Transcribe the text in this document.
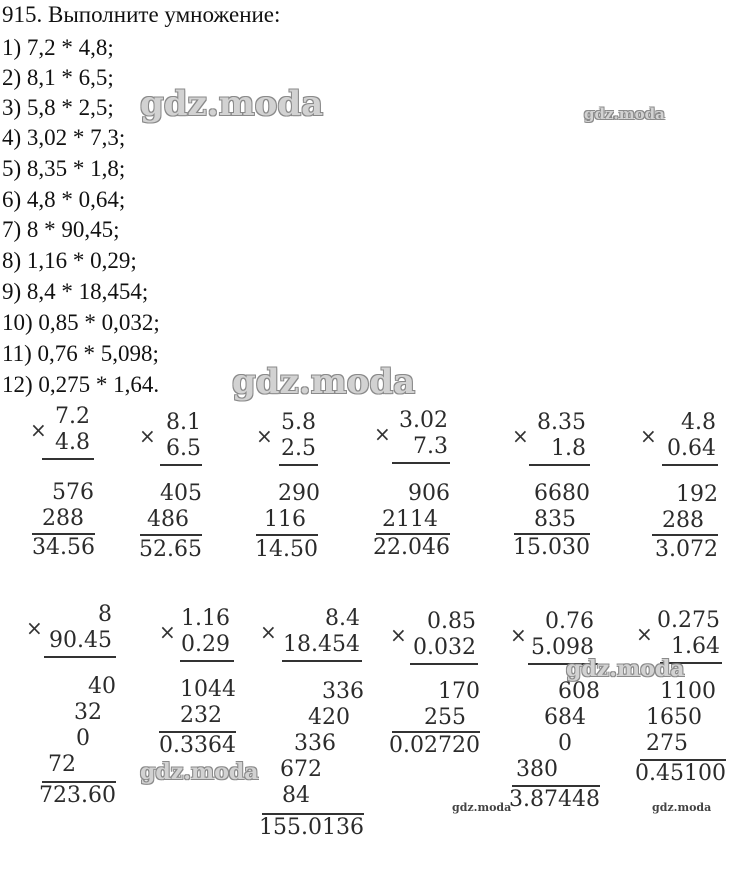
915. Выполните умножение:
1) 7,2 * 4,8;
2) 8,1 * 6,5;
3) 5,8 * 2,5;
4) 3,02 * 7,3;
5) 8,35 * 1,8;
6) 4,8 * 0,64;
7) 8 * 90,45;
8) 1,16 * 0,29;
9) 8,4 * 18,454;
10) 0,85 * 0,032;
11) 0,76 * 5,098;
12) 0,275 * 1,64.
7.2
4.8
×
576
288
34.56
8.1
6.5
×
405
486
52.65
5.8
2.5
×
290
116
14.50
3.02
7.3
×
906
2114
22.046
8.35
1.8
×
6680
835
15.030
4.8
0.64
×
192
288
3.072
8
90.45
×
40
32
0
72
723.60
1.16
0.29
×
1044
232
0.3364
8.4
18.454
×
336
420
336
672
84
155.0136
0.85
0.032
×
170
255
0.02720
0.76
5.098
×
608
684
0
380
3.87448
0.275
1.64
×
1100
1650
275
0.45100
gdz.moda	gdz.moda
gdz.moda
gdz.moda
gdz.moda
gdz.moda	gdz.moda
